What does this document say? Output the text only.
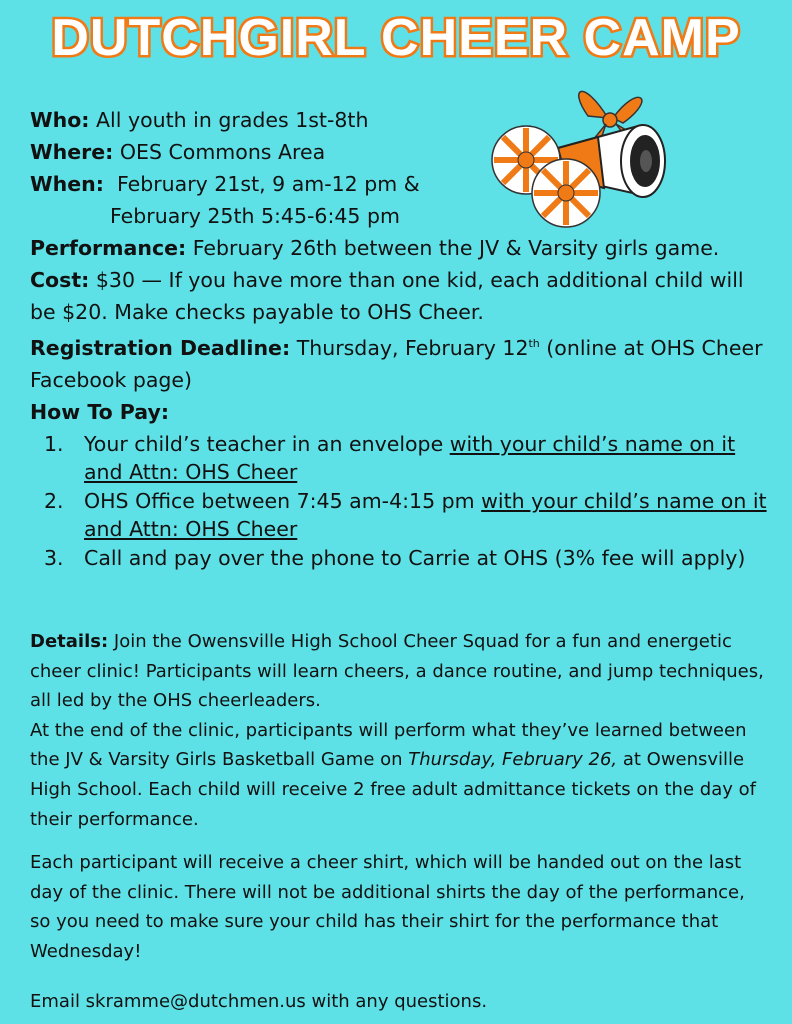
DUTCHGIRL CHEER CAMP
Who: All youth in grades 1st-8th
Where: OES Commons Area
When: February 21st, 9 am-12 pm &
February 25th 5:45-6:45 pm
Performance: February 26th between the JV & Varsity girls game.
Cost: $30 — If you have more than one kid, each additional child will be $20. Make checks payable to OHS Cheer.
Registration Deadline: Thursday, February 12th (online at OHS Cheer Facebook page)
How To Pay:
1. Your child’s teacher in an envelope with your child’s name on it and Attn: OHS Cheer
2. OHS Office between 7:45 am-4:15 pm with your child’s name on it and Attn: OHS Cheer
3. Call and pay over the phone to Carrie at OHS (3% fee will apply)

Details: Join the Owensville High School Cheer Squad for a fun and energetic cheer clinic! Participants will learn cheers, a dance routine, and jump techniques, all led by the OHS cheerleaders.

At the end of the clinic, participants will perform what they’ve learned between the JV & Varsity Girls Basketball Game on Thursday, February 26, at Owensville High School. Each child will receive 2 free adult admittance tickets on the day of their performance.

Each participant will receive a cheer shirt, which will be handed out on the last day of the clinic. There will not be additional shirts the day of the performance, so you need to make sure your child has their shirt for the performance that Wednesday!

Email skramme@dutchmen.us with any questions.
